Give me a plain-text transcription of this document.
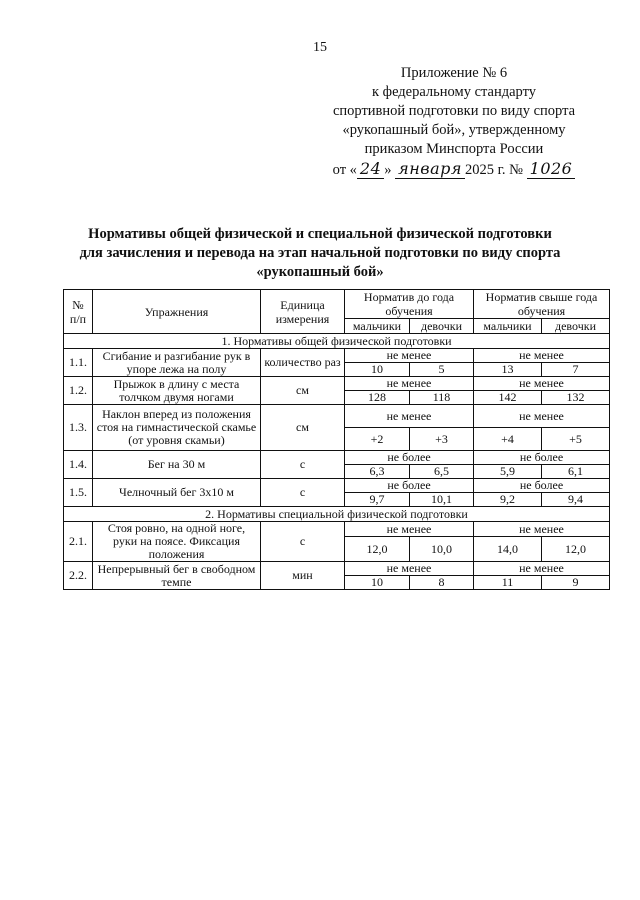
15
Приложение № 6
к федеральному стандарту
спортивной подготовки по виду спорта
«рукопашный бой», утвержденному
приказом Минспорта России
от « 24 » января 2025 г. № 1026
Нормативы общей физической и специальной физической подготовки
для зачисления и перевода на этап начальной подготовки по виду спорта
«рукопашный бой»
№ п/п	Упражнения	Единица измерения	Норматив до года обучения		Норматив свыше года обучения	
			мальчики	девочки	мальчики	девочки
1. Нормативы общей физической подготовки						
1.1.	Сгибание и разгибание рук в упоре лежа на полу	количество раз	не менее		не менее	
			10	5	13	7
1.2.	Прыжок в длину с места толчком двумя ногами	см	не менее		не менее	
			128	118	142	132
1.3.	Наклон вперед из положения стоя на гимнастической скамье (от уровня скамьи)	см	не менее		не менее	
			+2	+3	+4	+5
1.4.	Бег на 30 м	с	не более		не более	
			6,3	6,5	5,9	6,1
1.5.	Челночный бег 3х10 м	с	не более		не более	
			9,7	10,1	9,2	9,4
2. Нормативы специальной физической подготовки						
2.1.	Стоя ровно, на одной ноге, руки на поясе. Фиксация положения	с	не менее		не менее	
			12,0	10,0	14,0	12,0
2.2.	Непрерывный бег в свободном темпе	мин	не менее		не менее	
			10	8	11	9
